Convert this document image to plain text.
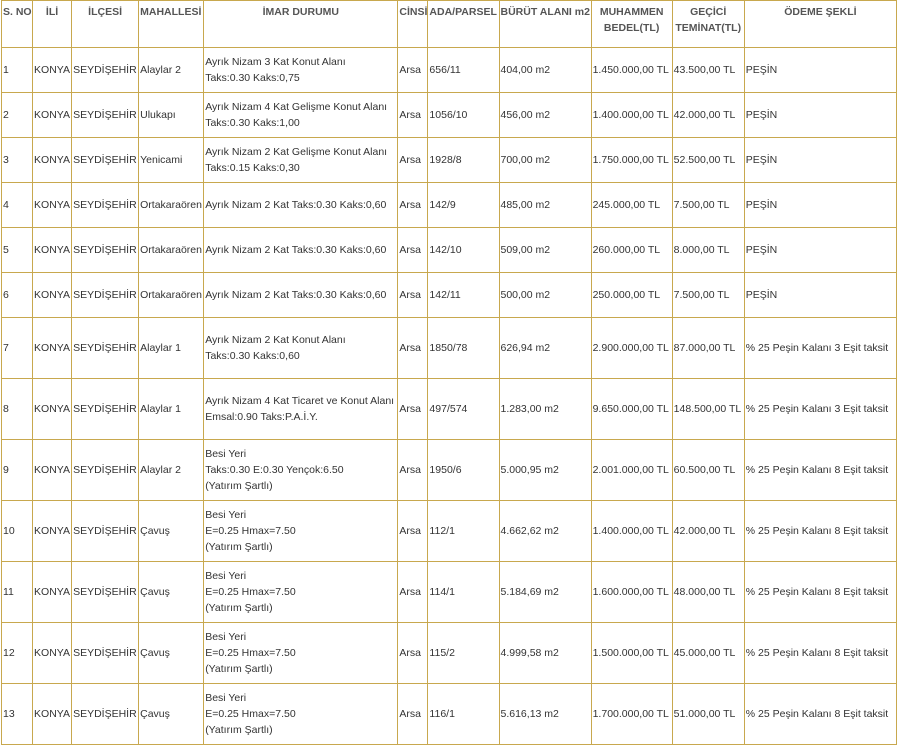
S. NO	İLİ	İLÇESİ	MAHALLESİ	İMAR DURUMU	CİNSİ	ADA/PARSEL	BÜRÜT ALANI m2	MUHAMMEN
BEDEL(TL)	GEÇİCİ
TEMİNAT(TL)	ÖDEME ŞEKLİ
1	KONYA	SEYDİŞEHİR	Alaylar 2	Ayrık Nizam 3 Kat Konut Alanı
Taks:0.30 Kaks:0,75	Arsa	656/11	404,00 m2	1.450.000,00 TL	43.500,00 TL	PEŞİN
2	KONYA	SEYDİŞEHİR	Ulukapı	Ayrık Nizam 4 Kat Gelişme Konut Alanı
Taks:0.30 Kaks:1,00	Arsa	1056/10	456,00 m2	1.400.000,00 TL	42.000,00 TL	PEŞİN
3	KONYA	SEYDİŞEHİR	Yenicami	Ayrık Nizam 2 Kat Gelişme Konut Alanı
Taks:0.15 Kaks:0,30	Arsa	1928/8	700,00 m2	1.750.000,00 TL	52.500,00 TL	PEŞİN
4	KONYA	SEYDİŞEHİR	Ortakaraören	Ayrık Nizam 2 Kat Taks:0.30 Kaks:0,60	Arsa	142/9	485,00 m2	245.000,00 TL	7.500,00 TL	PEŞİN
5	KONYA	SEYDİŞEHİR	Ortakaraören	Ayrık Nizam 2 Kat Taks:0.30 Kaks:0,60	Arsa	142/10	509,00 m2	260.000,00 TL	8.000,00 TL	PEŞİN
6	KONYA	SEYDİŞEHİR	Ortakaraören	Ayrık Nizam 2 Kat Taks:0.30 Kaks:0,60	Arsa	142/11	500,00 m2	250.000,00 TL	7.500,00 TL	PEŞİN
7	KONYA	SEYDİŞEHİR	Alaylar 1	Ayrık Nizam 2 Kat Konut Alanı
Taks:0.30 Kaks:0,60	Arsa	1850/78	626,94 m2	2.900.000,00 TL	87.000,00 TL	% 25 Peşin Kalanı 3 Eşit taksit
8	KONYA	SEYDİŞEHİR	Alaylar 1	Ayrık Nizam 4 Kat Ticaret ve Konut Alanı
Emsal:0.90 Taks:P.A.İ.Y.	Arsa	497/574	1.283,00 m2	9.650.000,00 TL	148.500,00 TL	% 25 Peşin Kalanı 3 Eşit taksit
9	KONYA	SEYDİŞEHİR	Alaylar 2	Besi Yeri
Taks:0.30 E:0.30 Yençok:6.50
(Yatırım Şartlı)	Arsa	1950/6	5.000,95 m2	2.001.000,00 TL	60.500,00 TL	% 25 Peşin Kalanı 8 Eşit taksit
10	KONYA	SEYDİŞEHİR	Çavuş	Besi Yeri
E=0.25 Hmax=7.50
(Yatırım Şartlı)	Arsa	112/1	4.662,62 m2	1.400.000,00 TL	42.000,00 TL	% 25 Peşin Kalanı 8 Eşit taksit
11	KONYA	SEYDİŞEHİR	Çavuş	Besi Yeri
E=0.25 Hmax=7.50
(Yatırım Şartlı)	Arsa	114/1	5.184,69 m2	1.600.000,00 TL	48.000,00 TL	% 25 Peşin Kalanı 8 Eşit taksit
12	KONYA	SEYDİŞEHİR	Çavuş	Besi Yeri
E=0.25 Hmax=7.50
(Yatırım Şartlı)	Arsa	115/2	4.999,58 m2	1.500.000,00 TL	45.000,00 TL	% 25 Peşin Kalanı 8 Eşit taksit
13	KONYA	SEYDİŞEHİR	Çavuş	Besi Yeri
E=0.25 Hmax=7.50
(Yatırım Şartlı)	Arsa	116/1	5.616,13 m2	1.700.000,00 TL	51.000,00 TL	% 25 Peşin Kalanı 8 Eşit taksit
